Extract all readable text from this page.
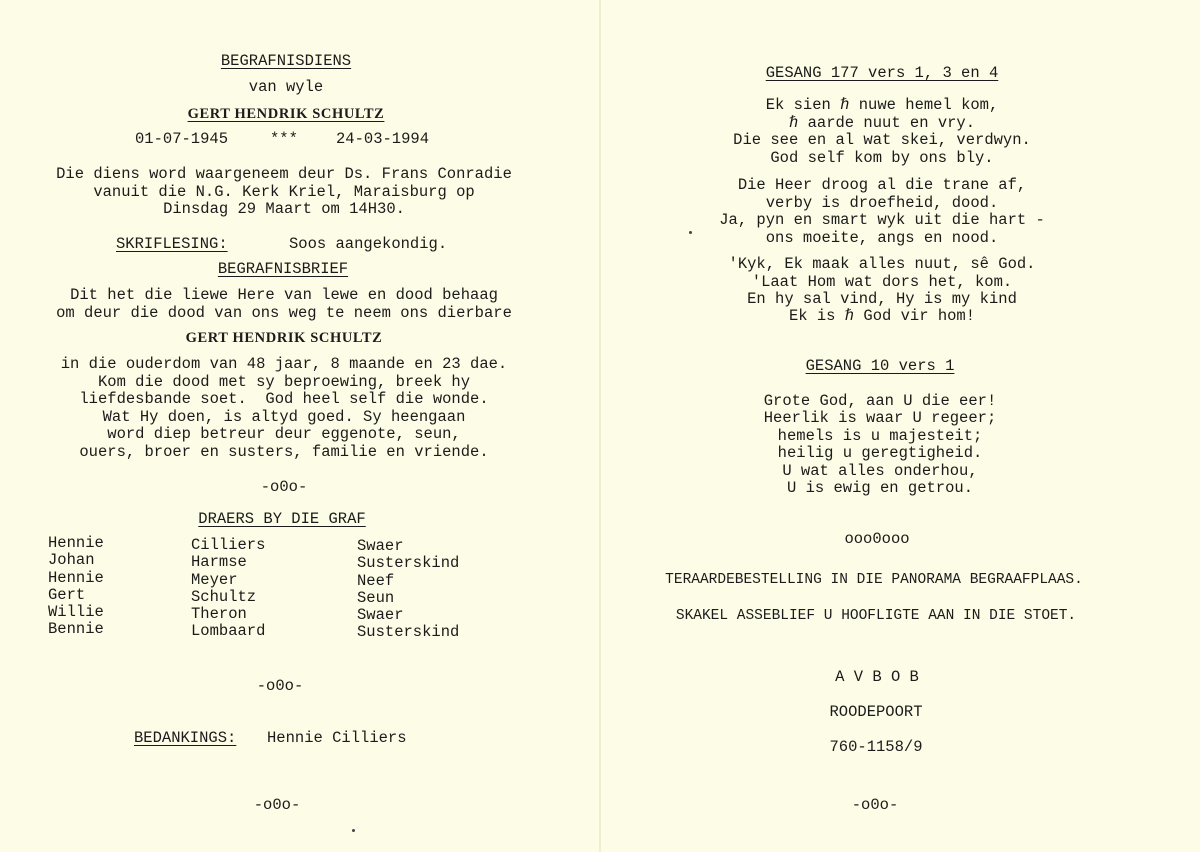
BEGRAFNISDIENS
van wyle
GERT HENDRIK SCHULTZ
01-07-1945	*** 24-03-1994
Die diens word waargeneem deur Ds. Frans Conradie
vanuit die N.G. Kerk Kriel, Maraisburg op
Dinsdag 29 Maart om 14H30.
SKRIFLESING:	Soos aangekondig.
BEGRAFNISBRIEF
Dit het die liewe Here van lewe en dood behaag
om deur die dood van ons weg te neem ons dierbare
GERT HENDRIK SCHULTZ
in die ouderdom van 48 jaar, 8 maande en 23 dae.
Kom die dood met sy beproewing, breek hy
liefdesbande soet.  God heel self die wonde.
Wat Hy doen, is altyd goed. Sy heengaan
word diep betreur deur eggenote, seun,
ouers, broer en susters, familie en vriende.
-o0o-
DRAERS BY DIE GRAF
Hennie
Johan
Hennie
Gert
Willie
Bennie
Cilliers
Harmse
Meyer
Schultz
Theron
Lombaard
Swaer
Susterskind
Neef
Seun
Swaer
Susterskind
-o0o-
BEDANKINGS: Hennie Cilliers
-o0o-
GESANG 177 vers 1, 3 en 4
Ek sien ℏ nuwe hemel kom,
ℏ aarde nuut en vry.
Die see en al wat skei, verdwyn.
God self kom by ons bly.
Die Heer droog al die trane af,
verby is droefheid, dood.
Ja, pyn en smart wyk uit die hart -
ons moeite, angs en nood.
'Kyk, Ek maak alles nuut, sê God.
'Laat Hom wat dors het, kom.
En hy sal vind, Hy is my kind
Ek is ℏ God vir hom!
GESANG 10 vers 1
Grote God, aan U die eer!
Heerlik is waar U regeer;
hemels is u majesteit;
heilig u geregtigheid.
U wat alles onderhou,
U is ewig en getrou.
ooo0ooo
TERAARDEBESTELLING IN DIE PANORAMA BEGRAAFPLAAS.
SKAKEL ASSEBLIEF U HOOFLIGTE AAN IN DIE STOET.
A V B O B
ROODEPOORT
760-1158/9
-o0o-
